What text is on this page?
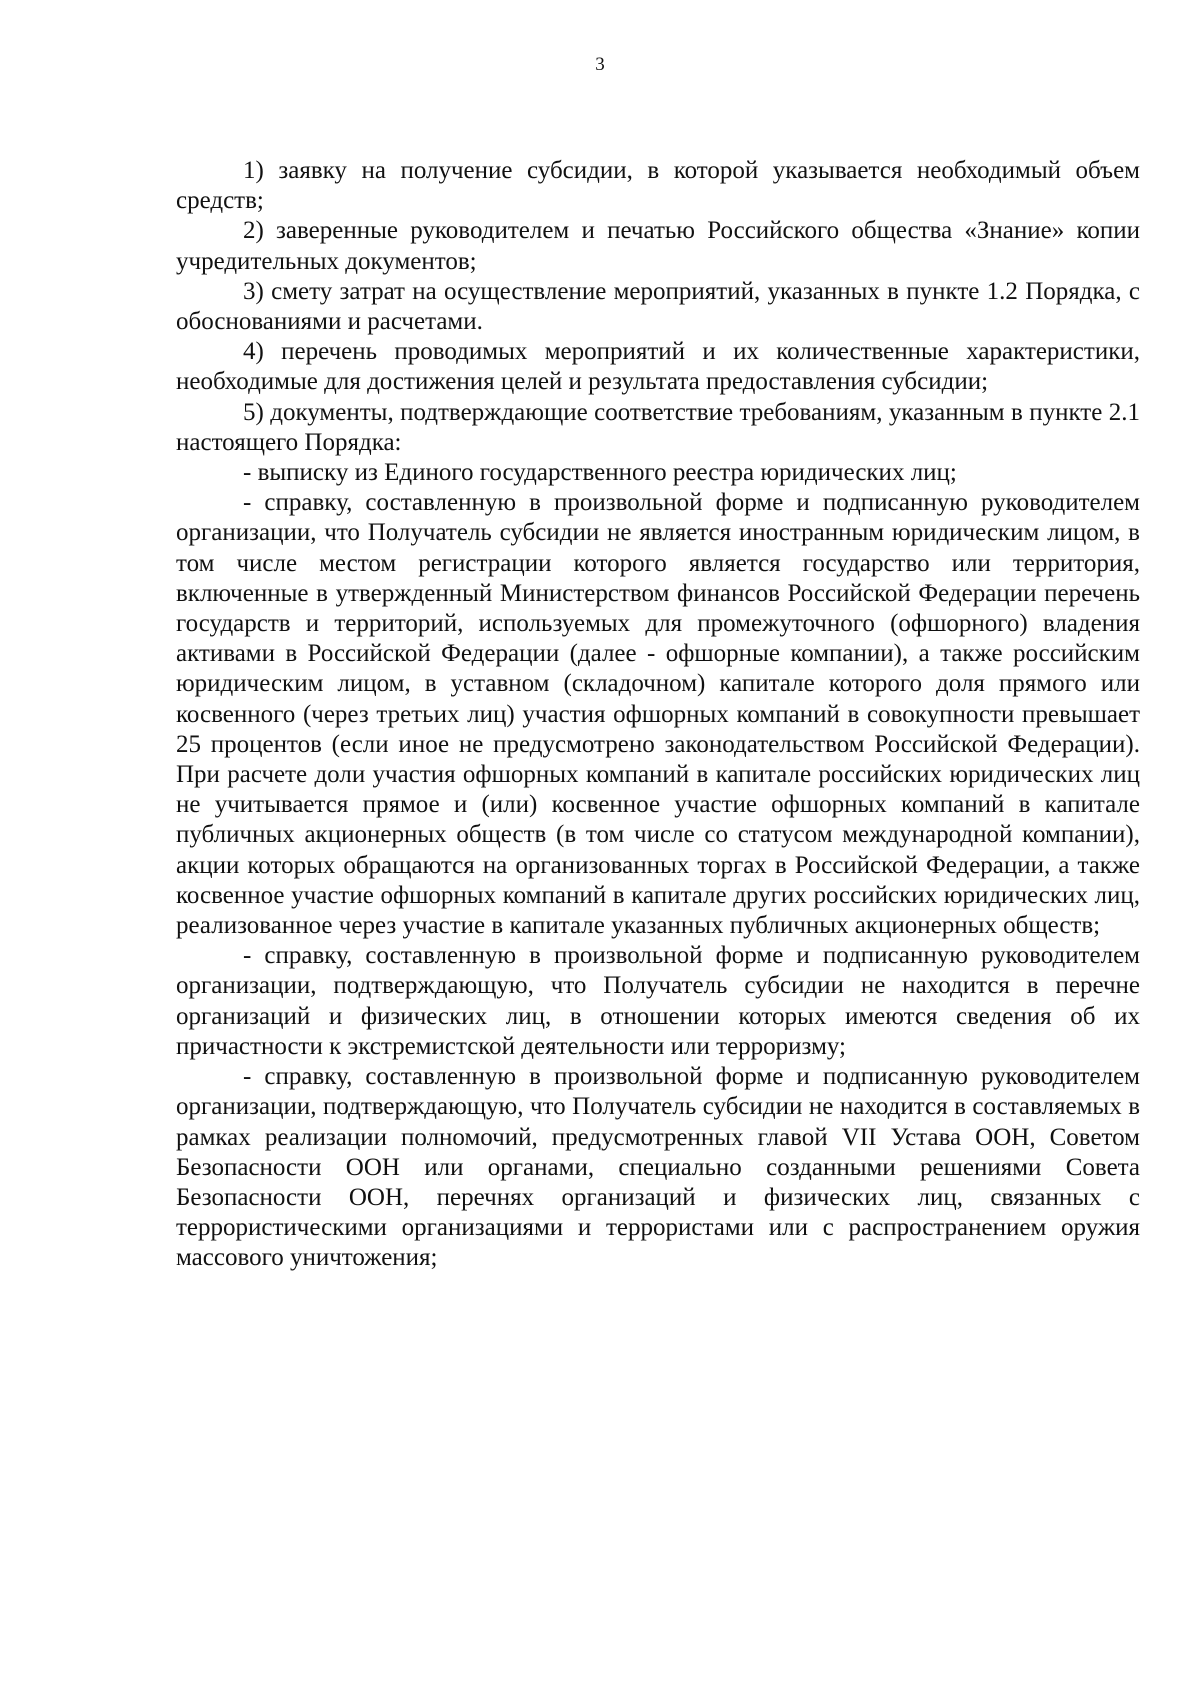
3

1) заявку на получение субсидии, в которой указывается необходимый объем средств;

2) заверенные руководителем и печатью Российского общества «Знание» копии учредительных документов;

3) смету затрат на осуществление мероприятий, указанных в пункте 1.2 Порядка, с обоснованиями и расчетами.

4) перечень проводимых мероприятий и их количественные характеристики, необходимые для достижения целей и результата предоставления субсидии;

5) документы, подтверждающие соответствие требованиям, указанным в пункте 2.1 настоящего Порядка:

- выписку из Единого государственного реестра юридических лиц;

- справку, составленную в произвольной форме и подписанную руководителем организации, что Получатель субсидии не является иностранным юридическим лицом, в том числе местом регистрации которого является государство или территория, включенные в утвержденный Министерством финансов Российской Федерации перечень государств и территорий, используемых для промежуточного (офшорного) владения активами в Российской Федерации (далее - офшорные компании), а также российским юридическим лицом, в уставном (складочном) капитале которого доля прямого или косвенного (через третьих лиц) участия офшорных компаний в совокупности превышает 25 процентов (если иное не предусмотрено законодательством Российской Федерации). При расчете доли участия офшорных компаний в капитале российских юридических лиц не учитывается прямое и (или) косвенное участие офшорных компаний в капитале публичных акционерных обществ (в том числе со статусом международной компании), акции которых обращаются на организованных торгах в Российской Федерации, а также косвенное участие офшорных компаний в капитале других российских юридических лиц, реализованное через участие в капитале указанных публичных акционерных обществ;

- справку, составленную в произвольной форме и подписанную руководителем организации, подтверждающую, что Получатель субсидии не находится в перечне организаций и физических лиц, в отношении которых имеются сведения об их причастности к экстремистской деятельности или терроризму;

- справку, составленную в произвольной форме и подписанную руководителем организации, подтверждающую, что Получатель субсидии не находится в составляемых в рамках реализации полномочий, предусмотренных главой VII Устава ООН, Советом Безопасности ООН или органами, специально созданными решениями Совета Безопасности ООН, перечнях организаций и физических лиц, связанных с террористическими организациями и террористами или с распространением оружия массового уничтожения;
